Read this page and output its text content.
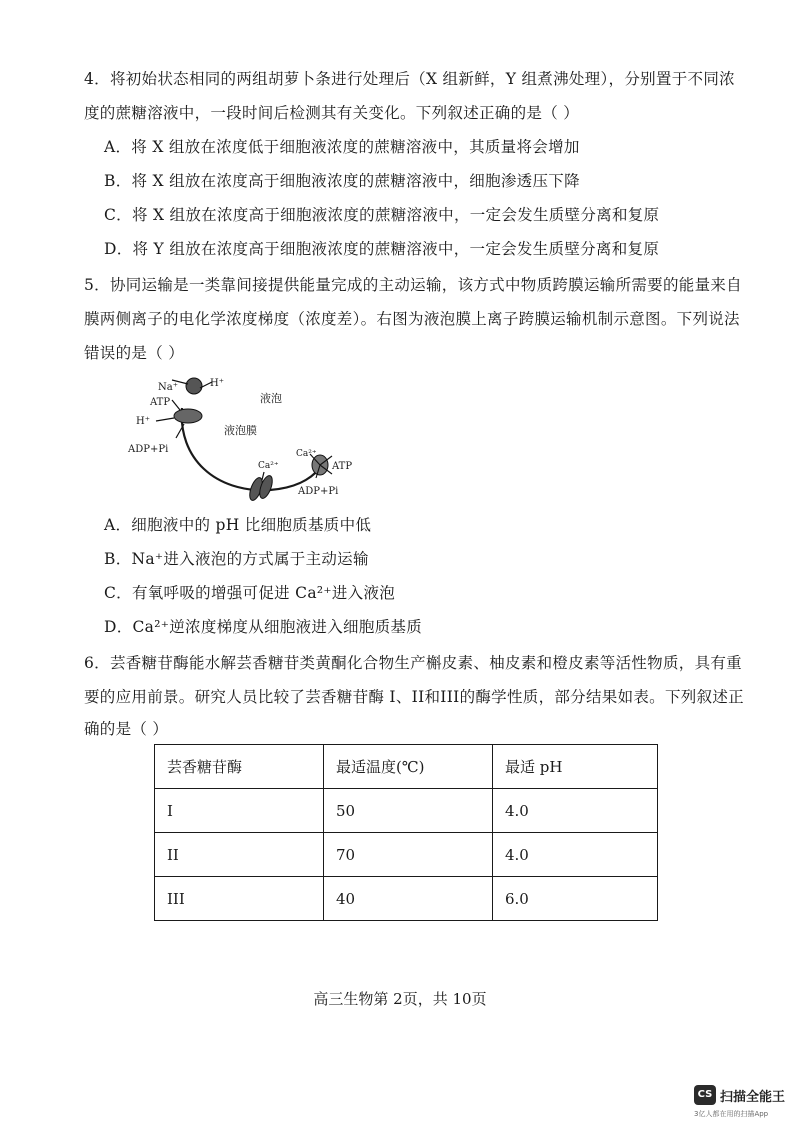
4．将初始状态相同的两组胡萝卜条进行处理后（X 组新鲜，Y 组煮沸处理），分别置于不同浓
度的蔗糖溶液中，一段时间后检测其有关变化。下列叙述正确的是（ ）
A．将 X 组放在浓度低于细胞液浓度的蔗糖溶液中，其质量将会增加
B．将 X 组放在浓度高于细胞液浓度的蔗糖溶液中，细胞渗透压下降
C．将 X 组放在浓度高于细胞液浓度的蔗糖溶液中，一定会发生质壁分离和复原
D．将 Y 组放在浓度高于细胞液浓度的蔗糖溶液中，一定会发生质壁分离和复原
5．协同运输是一类靠间接提供能量完成的主动运输，该方式中物质跨膜运输所需要的能量来自
膜两侧离子的电化学浓度梯度（浓度差）。右图为液泡膜上离子跨膜运输机制示意图。下列说法
错误的是（ ）
Na⁺	H⁺
ATP
H⁺
ADP+Pi
液泡
液泡膜
Ca²⁺
Ca²⁺
ATP
ADP+Pi
A．细胞液中的 pH 比细胞质基质中低
B．Na⁺进入液泡的方式属于主动运输
C．有氧呼吸的增强可促进 Ca²⁺进入液泡
D．Ca²⁺逆浓度梯度从细胞液进入细胞质基质
6．芸香糖苷酶能水解芸香糖苷类黄酮化合物生产槲皮素、柚皮素和橙皮素等活性物质，具有重
要的应用前景。研究人员比较了芸香糖苷酶 I、II和III的酶学性质，部分结果如表。下列叙述正
确的是（ ）
芸香糖苷酶	最适温度(℃)	最适 pH
I	50	4.0
II	70	4.0
III	40	6.0
高三生物第 2页，共 10页
CS 扫描全能王
3亿人都在用的扫描App
